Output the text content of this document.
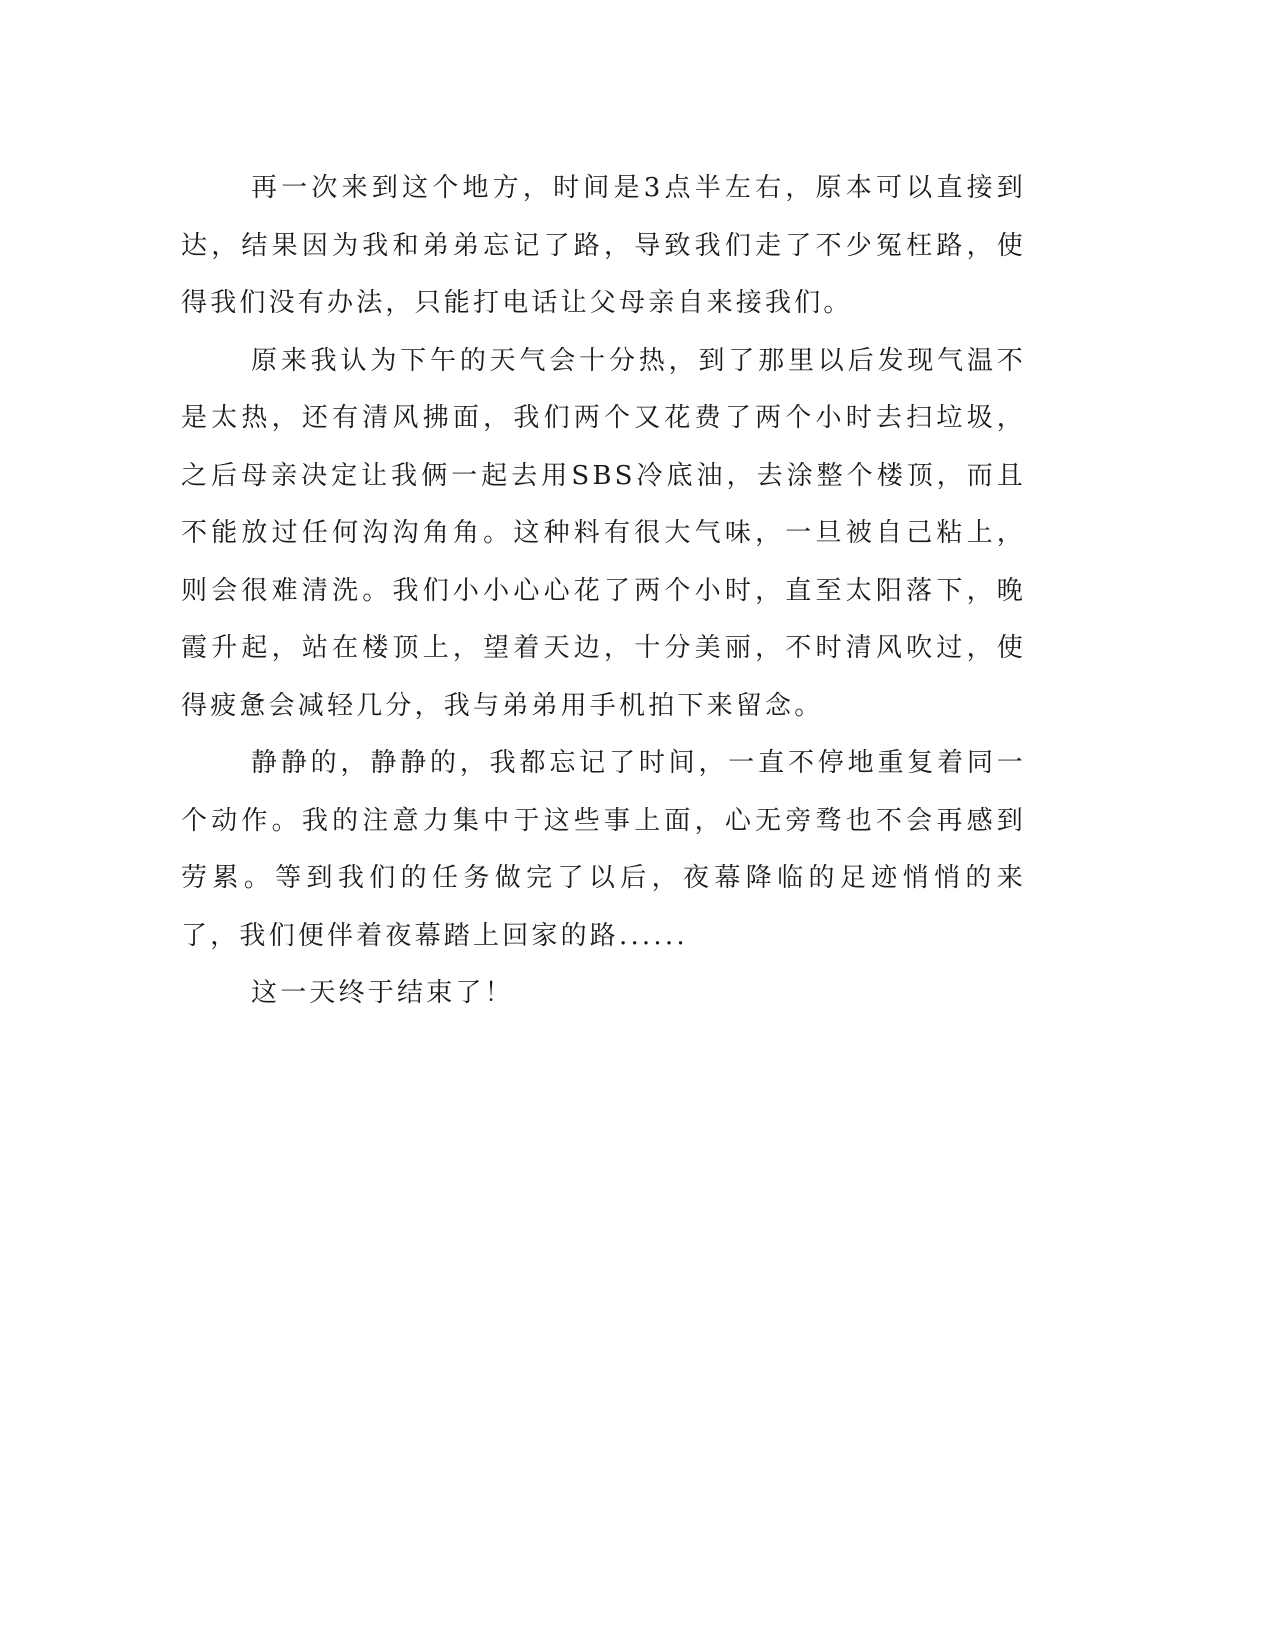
再一次来到这个地方，时间是3点半左右，原本可以直接到达，结果因为我和弟弟忘记了路，导致我们走了不少冤枉路，使得我们没有办法，只能打电话让父母亲自来接我们。

原来我认为下午的天气会十分热，到了那里以后发现气温不是太热，还有清风拂面，我们两个又花费了两个小时去扫垃圾，之后母亲决定让我俩一起去用SBS冷底油，去涂整个楼顶，而且不能放过任何沟沟角角。这种料有很大气味，一旦被自己粘上，则会很难清洗。我们小小心心花了两个小时，直至太阳落下，晚霞升起，站在楼顶上，望着天边，十分美丽，不时清风吹过，使得疲惫会减轻几分，我与弟弟用手机拍下来留念。

静静的，静静的，我都忘记了时间，一直不停地重复着同一个动作。我的注意力集中于这些事上面，心无旁骛也不会再感到劳累。等到我们的任务做完了以后，夜幕降临的足迹悄悄的来了，我们便伴着夜幕踏上回家的路......

这一天终于结束了！
